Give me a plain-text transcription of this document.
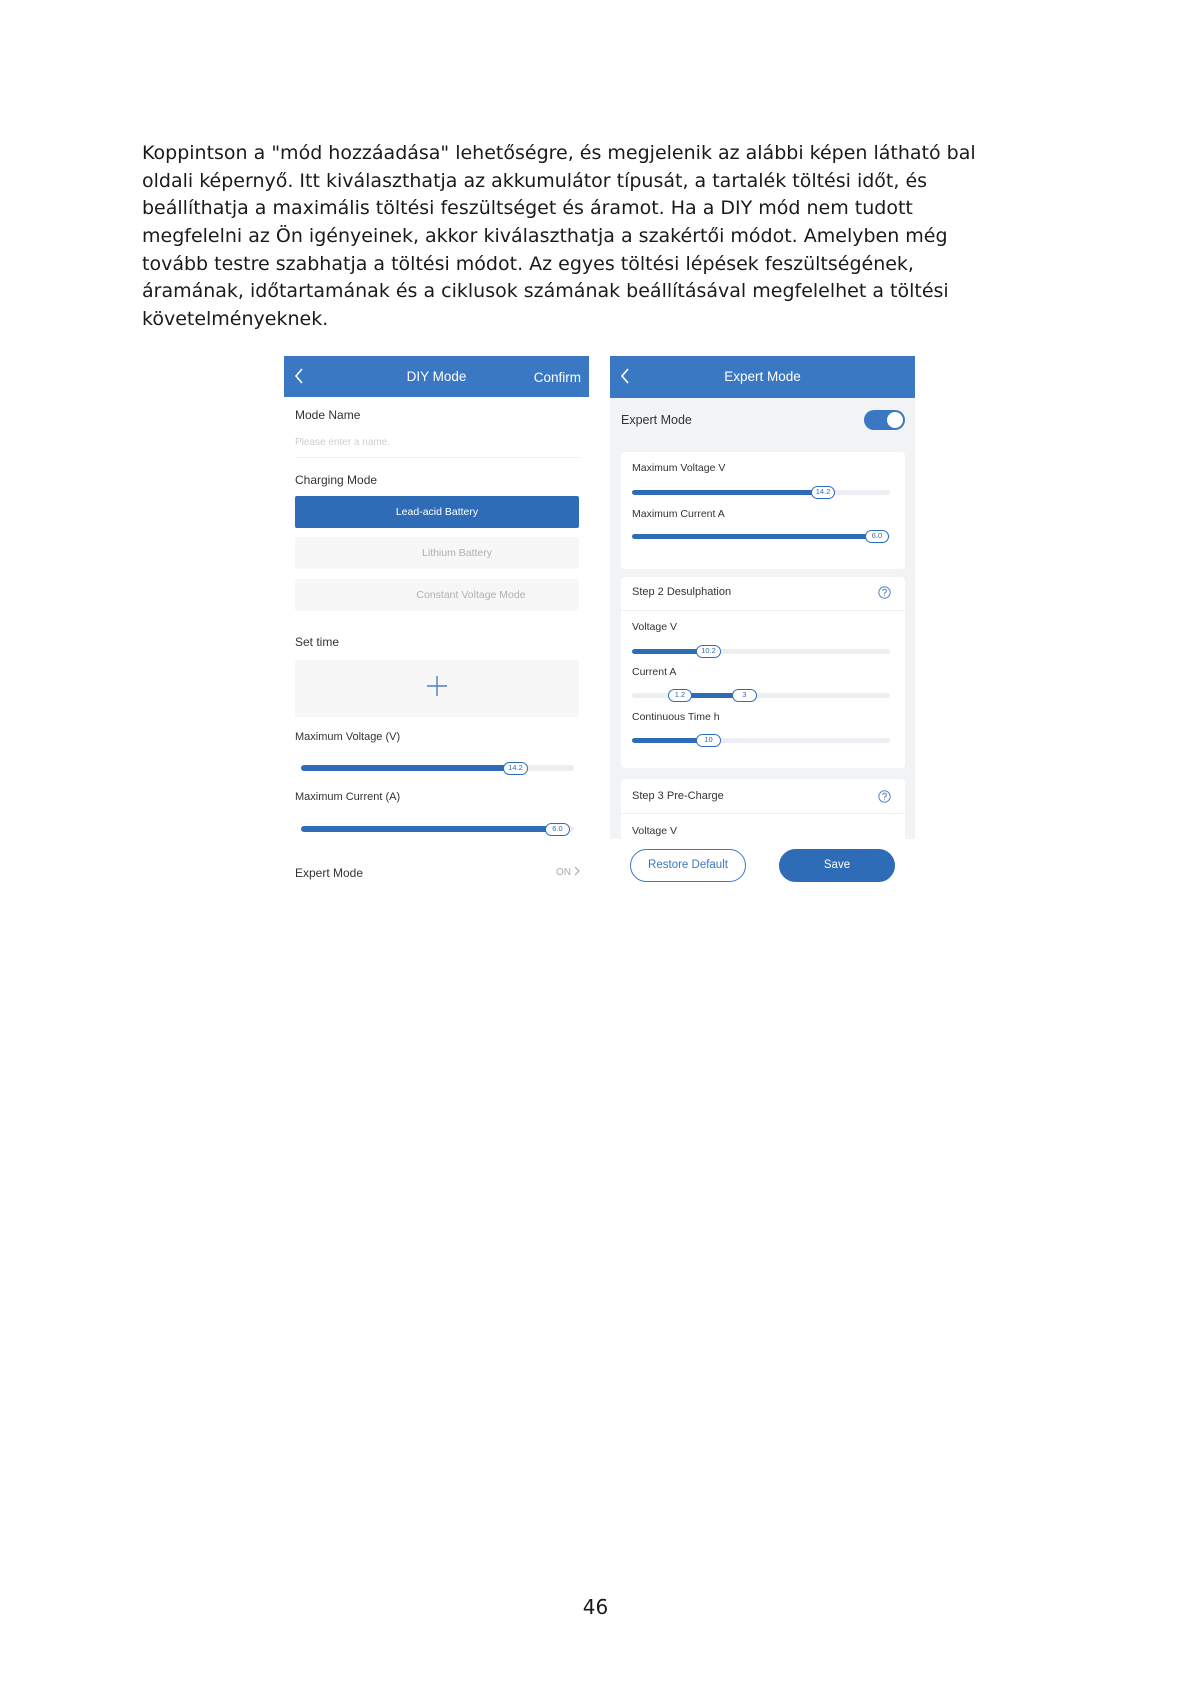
Koppintson a "mód hozzáadása" lehetőségre, és megjelenik az alábbi képen látható bal
oldali képernyő. Itt kiválaszthatja az akkumulátor típusát, a tartalék töltési időt, és
beállíthatja a maximális töltési feszültséget és áramot. Ha a DIY mód nem tudott
megfelelni az Ön igényeinek, akkor kiválaszthatja a szakértői módot. Amelyben még
tovább testre szabhatja a töltési módot. Az egyes töltési lépések feszültségének,
áramának, időtartamának és a ciklusok számának beállításával megfelelhet a töltési
követelményeknek.
DIY Mode	Confirm
Mode Name
Please enter a name.
Charging Mode
Lead-acid Battery
Lithium Battery
Constant Voltage Mode
Set time
Maximum Voltage (V)
14.2
Maximum Current (A)
6.0
Expert Mode	ON
Expert Mode
Expert Mode
Maximum Voltage V
14.2
Maximum Current A
6.0
Step 2 Desulphation
Voltage V
10.2
Current A
1.2	3
Continuous Time h
10
Step 3 Pre-Charge
Voltage V
Restore Default	Save
46
